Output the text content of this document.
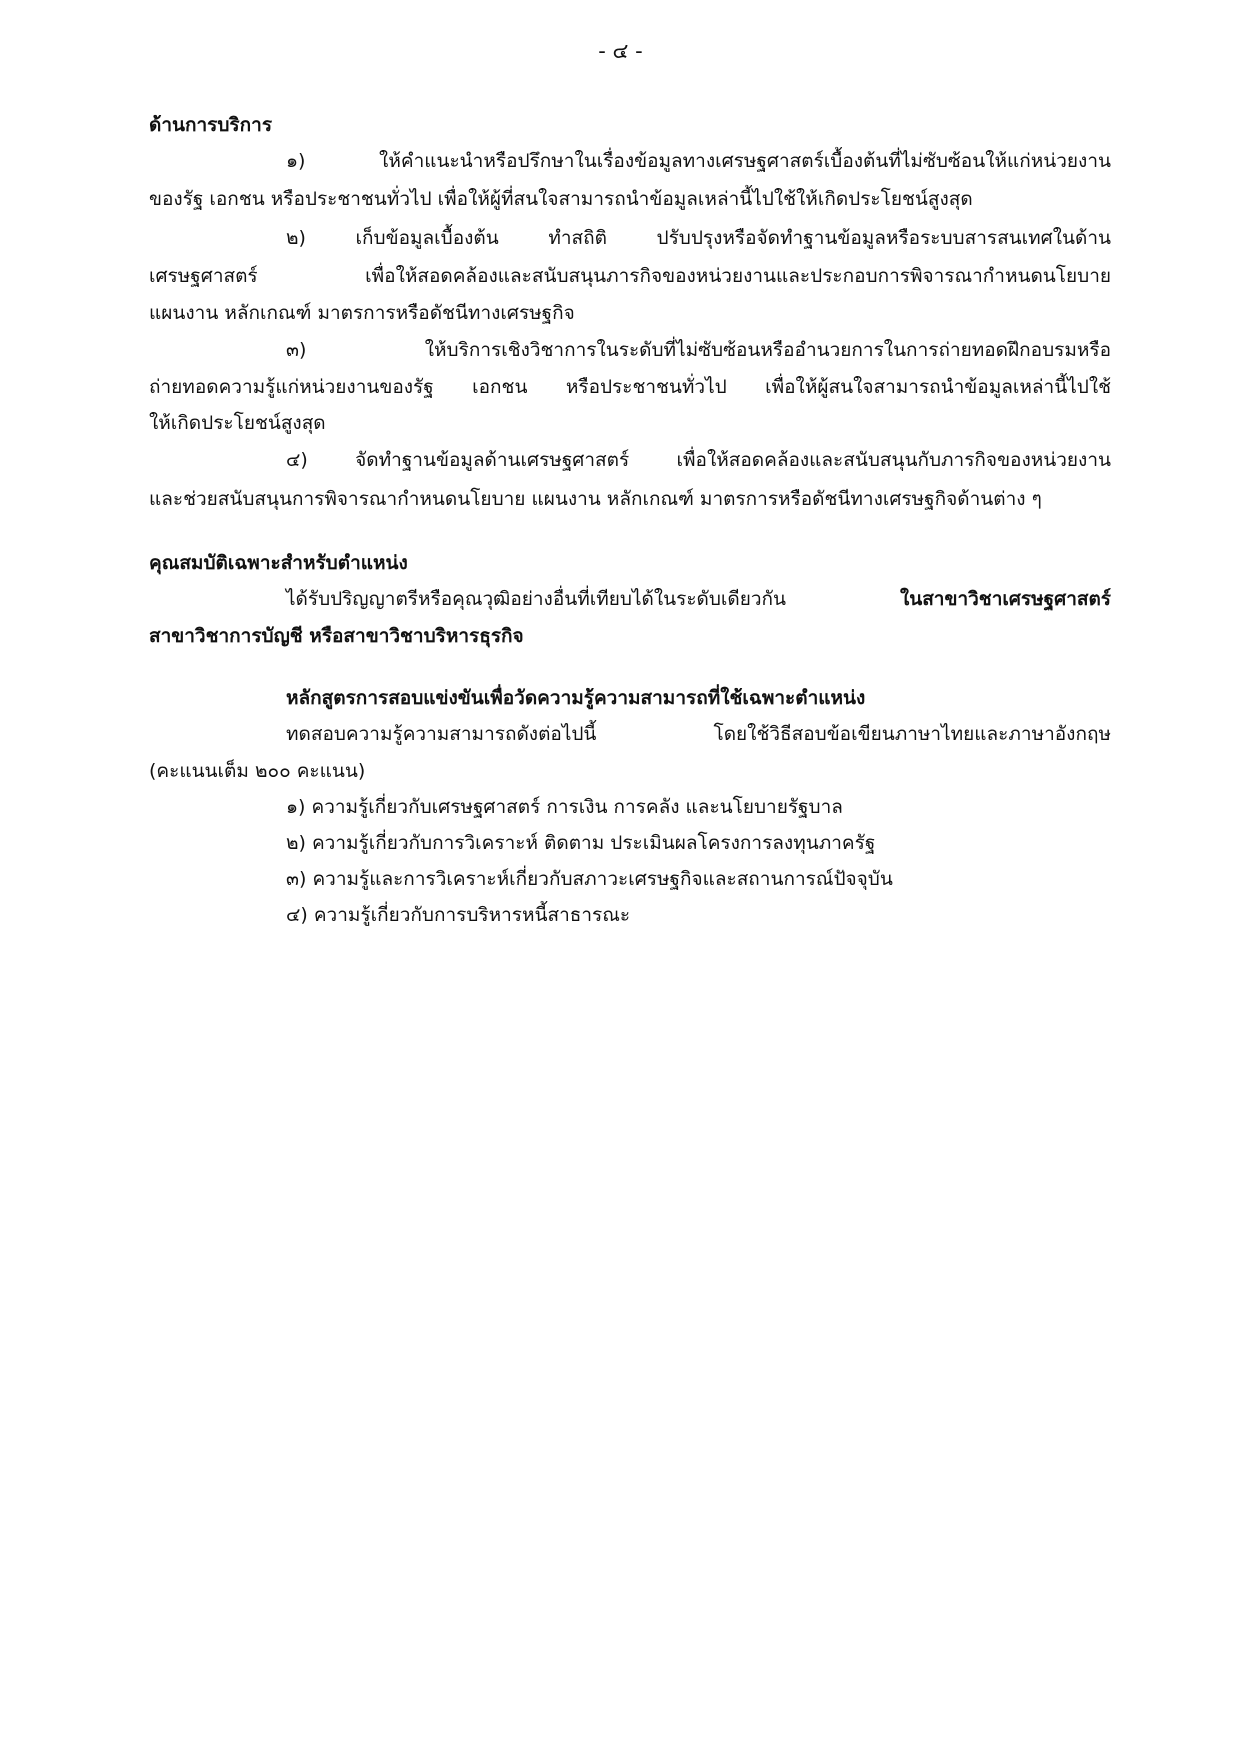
- ๔ -
ด้านการบริการ
๑) ให้คำแนะนำหรือปรึกษาในเรื่องข้อมูลทางเศรษฐศาสตร์เบื้องต้นที่ไม่ซับซ้อนให้แก่หน่วยงาน
ของรัฐ เอกชน หรือประชาชนทั่วไป เพื่อให้ผู้ที่สนใจสามารถนำข้อมูลเหล่านี้ไปใช้ให้เกิดประโยชน์สูงสุด
๒) เก็บข้อมูลเบื้องต้น ทำสถิติ ปรับปรุงหรือจัดทำฐานข้อมูลหรือระบบสารสนเทศในด้าน
เศรษฐศาสตร์ เพื่อให้สอดคล้องและสนับสนุนภารกิจของหน่วยงานและประกอบการพิจารณากำหนดนโยบาย
แผนงาน หลักเกณฑ์ มาตรการหรือดัชนีทางเศรษฐกิจ
๓) ให้บริการเชิงวิชาการในระดับที่ไม่ซับซ้อนหรืออำนวยการในการถ่ายทอดฝึกอบรมหรือ
ถ่ายทอดความรู้แก่หน่วยงานของรัฐ เอกชน หรือประชาชนทั่วไป เพื่อให้ผู้สนใจสามารถนำข้อมูลเหล่านี้ไปใช้
ให้เกิดประโยชน์สูงสุด
๔) จัดทำฐานข้อมูลด้านเศรษฐศาสตร์ เพื่อให้สอดคล้องและสนับสนุนกับภารกิจของหน่วยงาน
และช่วยสนับสนุนการพิจารณากำหนดนโยบาย แผนงาน หลักเกณฑ์ มาตรการหรือดัชนีทางเศรษฐกิจด้านต่าง ๆ
คุณสมบัติเฉพาะสำหรับตำแหน่ง
ได้รับปริญญาตรีหรือคุณวุฒิอย่างอื่นที่เทียบได้ในระดับเดียวกัน	ในสาขาวิชาเศรษฐศาสตร์
สาขาวิชาการบัญชี หรือสาขาวิชาบริหารธุรกิจ
หลักสูตรการสอบแข่งขันเพื่อวัดความรู้ความสามารถที่ใช้เฉพาะตำแหน่ง
ทดสอบความรู้ความสามารถดังต่อไปนี้ โดยใช้วิธีสอบข้อเขียนภาษาไทยและภาษาอังกฤษ
(คะแนนเต็ม ๒๐๐ คะแนน)
๑) ความรู้เกี่ยวกับเศรษฐศาสตร์ การเงิน การคลัง และนโยบายรัฐบาล
๒) ความรู้เกี่ยวกับการวิเคราะห์ ติดตาม ประเมินผลโครงการลงทุนภาครัฐ
๓) ความรู้และการวิเคราะห์เกี่ยวกับสภาวะเศรษฐกิจและสถานการณ์ปัจจุบัน
๔) ความรู้เกี่ยวกับการบริหารหนี้สาธารณะ
